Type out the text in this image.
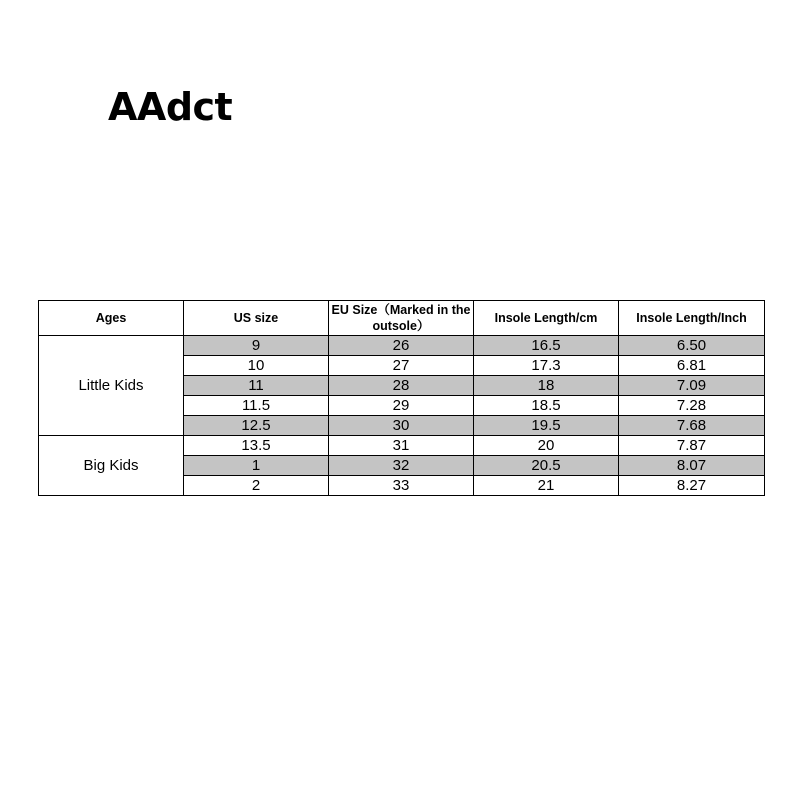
AAdct
Ages	US size	EU Size（Marked in the outsole）	Insole Length/cm	Insole Length/Inch
Little Kids	9	26	16.5	6.50
	10	27	17.3	6.81
	11	28	18	7.09
	11.5	29	18.5	7.28
	12.5	30	19.5	7.68
Big Kids	13.5	31	20	7.87
	1	32	20.5	8.07
	2	33	21	8.27
